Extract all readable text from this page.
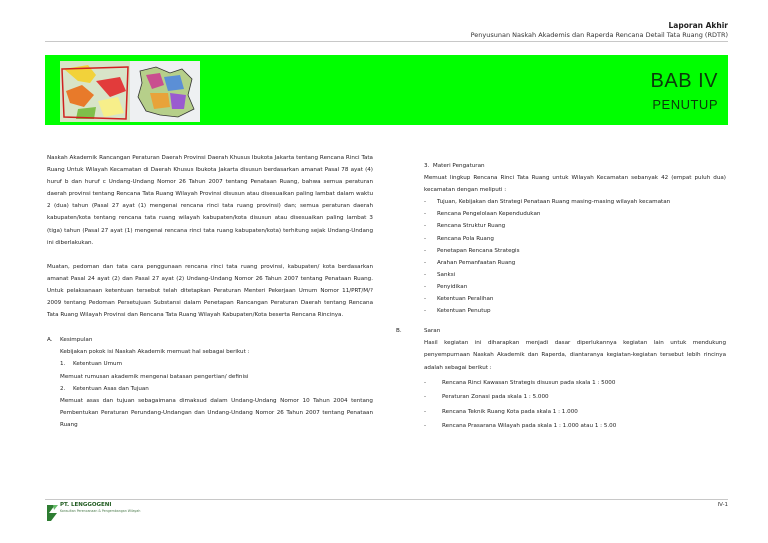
Laporan Akhir
Penyusunan Naskah Akademis dan Raperda Rencana Detail Tata Ruang (RDTR)
BAB IV
PENUTUP

Naskah Akademik Rancangan Peraturan Daerah Provinsi Daerah Khusus Ibukota Jakarta tentang Rencana Rinci Tata Ruang Untuk Wilayah Kecamatan di Daerah Khusus Ibukota Jakarta disusun berdasarkan amanat Pasal 78 ayat (4) huruf b dan huruf c Undang-Undang Nomor 26 Tahun 2007 tentang Penataan Ruang, bahwa semua peraturan daerah provinsi tentang Rencana Tata Ruang Wilayah Provinsi disusun atau disesuaikan paling lambat dalam waktu 2 (dua) tahun (Pasal 27 ayat (1) mengenai rencana rinci tata ruang provinsi) dan; semua peraturan daerah kabupaten/kota tentang rencana tata ruang wilayah kabupaten/kota disusun atau disesuaikan paling lambat 3 (tiga) tahun (Pasal 27 ayat (1) mengenai rencana rinci tata ruang kabupaten/kota) terhitung sejak Undang-Undang ini diberlakukan.

Muatan, pedoman dan tata cara penggunaan rencana rinci tata ruang provinsi, kabupaten/ kota berdasarkan amanat Pasal 24 ayat (2) dan Pasal 27 ayat (2) Undang-Undang Nomor 26 Tahun 2007 tentang Penataan Ruang. Untuk pelaksanaan ketentuan tersebut telah ditetapkan Peraturan Menteri Pekerjaan Umum Nomor 11/PRT/M/? 2009 tentang Pedoman Persetujuan Substansi dalam Penetapan Rancangan Peraturan Daerah tentang Rencana Tata Ruang Wilayah Provinsi dan Rencana Tata Ruang Wilayah Kabupaten/Kota beserta Rencana Rincinya.

A.	Kesimpulan
Kebijakan pokok isi Naskah Akademik memuat hal sebagai berikut :
1.	Ketentuan Umum
Memuat rumusan akademik mengenai batasan pengertian/ definisi
2.	Ketentuan Asas dan Tujuan

Memuat asas dan tujuan sebagaimana dimaksud dalam Undang-Undang Nomor 10 Tahun 2004 tentang Pembentukan Peraturan Perundang-Undangan dan Undang-Undang Nomor 26 Tahun 2007 tentang Penataan Ruang

3. Materi Pengaturan

Memuat lingkup Rencana Rinci Tata Ruang untuk Wilayah Kecamatan sebanyak 42 (empat puluh dua) kecamatan dengan meliputi :

-	Tujuan, Kebijakan dan Strategi Penataan Ruang masing-masing wilayah kecamatan
-	Rencana Pengelolaan Kependudukan
-	Rencana Struktur Ruang
-	Rencana Pola Ruang
-	Penetapan Rencana Strategis
-	Arahan Pemanfaatan Ruang
-	Sanksi
-	Penyidikan
-	Ketentuan Peralihan
-	Ketentuan Penutup
B.	Saran

Hasil kegiatan ini diharapkan menjadi dasar diperlukannya kegiatan lain untuk mendukung penyempurnaan Naskah Akademik dan Raperda, diantaranya kegiatan-kegiatan tersebut lebih rincinya adalah sebagai berikut :

-	Rencana Rinci Kawasan Strategis disusun pada skala 1 : 5000
-	Peraturan Zonasi pada skala 1 : 5.000
-	Rencana Teknik Ruang Kota pada skala 1 : 1.000
-	Rencana Prasarana Wilayah pada skala 1 : 1.000 atau 1 : 5.00
PT. LENGGOGENI
Konsultan Perencanaan & Pengembangan Wilayah
IV-1
